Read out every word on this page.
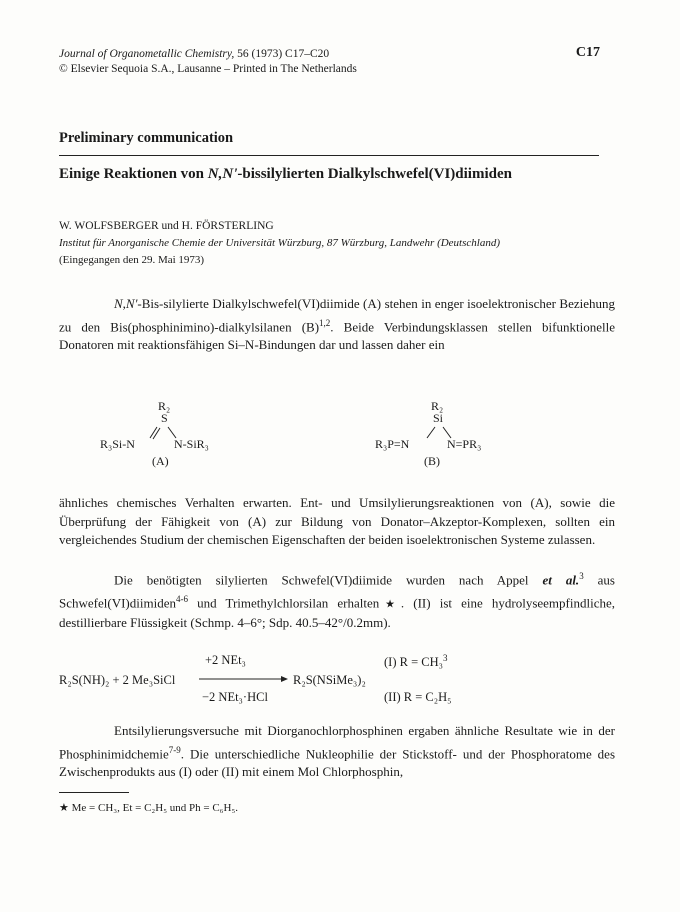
Journal of Organometallic Chemistry, 56 (1973) C17–C20
© Elsevier Sequoia S.A., Lausanne – Printed in The Netherlands
C17
Preliminary communication
Einige Reaktionen von N,N'-bissilylierten Dialkylschwefel(VI)diimiden
W. WOLFSBERGER und H. FÖRSTERLING
Institut für Anorganische Chemie der Universität Würzburg, 87 Würzburg, Landwehr (Deutschland)
(Eingegangen den 29. Mai 1973)

N,N'-Bis-silylierte Dialkylschwefel(VI)diimide (A) stehen in enger isoelektronischer Beziehung zu den Bis(phosphinimino)-dialkylsilanen $(B)^{1,2}$. Beide Verbindungsklassen stellen bifunktionelle Donatoren mit reaktionsfähigen Si–N-Bindungen dar und lassen daher ein

R₂
S
R₃Si-N	N-SiR₃
(A)
R₂
Si
R₃P=N	N=PR₃
(B)

ähnliches chemisches Verhalten erwarten. Ent- und Umsilylierungsreaktionen von (A), sowie die Überprüfung der Fähigkeit von (A) zur Bildung von Donator–Akzeptor-Komplexen, sollten ein vergleichendes Studium der chemischen Eigenschaften der beiden isoelektronischen Systeme zulassen.

Die benötigten silylierten Schwefel(VI)diimide wurden nach Appel et al.$^3$ aus Schwefel(VI)diimiden$^{4-6}$ und Trimethylchlorsilan erhalten★. (II) ist eine hydrolyseempfindliche, destillierbare Flüssigkeit (Schmp. 4–6°; Sdp. 40.5–42°/0.2mm).

R₂S(NH)₂ + 2 Me₃SiCl
+2 NEt₃
−2 NEt₃·HCl
R₂S(NSiMe₃)₂
(I) R = CH₃$^3$
(II) R = C₂H₅

Entsilylierungsversuche mit Diorganochlorphosphinen ergaben ähnliche Resultate wie in der Phosphinimidchemie$^{7-9}$. Die unterschiedliche Nukleophilie der Stickstoff- und der Phosphoratome des Zwischenprodukts aus (I) oder (II) mit einem Mol Chlorphosphin,

★ Me = CH₃, Et = C₂H₅ und Ph = C₆H₅.
